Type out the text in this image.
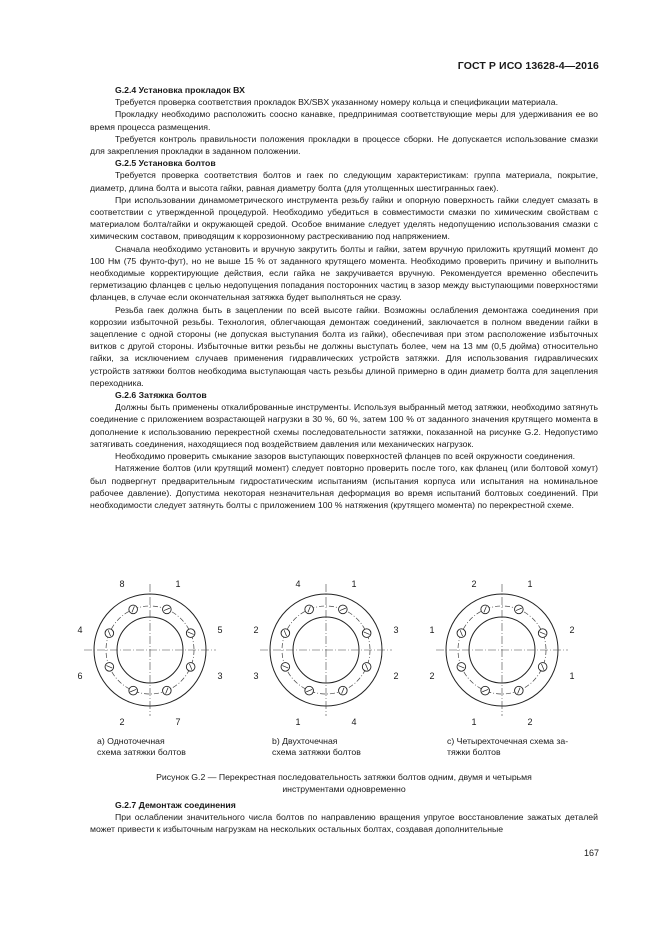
ГОСТ Р ИСО 13628-4—2016
G.2.4 Установка прокладок ВХ

Требуется проверка соответствия прокладок ВХ/SBX указанному номеру кольца и спецификации материала.

Прокладку необходимо расположить соосно канавке, предпринимая соответствующие меры для удерживания ее во время процесса размещения.

Требуется контроль правильности положения прокладки в процессе сборки. Не допускается использование смазки для закрепления прокладки в заданном положении.

G.2.5 Установка болтов

Требуется проверка соответствия болтов и гаек по следующим характеристикам: группа материала, покрытие, диаметр, длина болта и высота гайки, равная диаметру болта (для утолщенных шестигранных гаек).

При использовании динамометрического инструмента резьбу гайки и опорную поверхность гайки следует смазать в соответствии с утвержденной процедурой. Необходимо убедиться в совместимости смазки по химическим свойствам с материалом болта/гайки и окружающей средой. Особое внимание следует уделять недопущению использования смазки с химическим составом, приводящим к коррозионному растрескиванию под напряжением.

Сначала необходимо установить и вручную закрутить болты и гайки, затем вручную приложить крутящий момент до 100 Нм (75 фунто-фут), но не выше 15 % от заданного крутящего момента. Необходимо проверить причину и выполнить необходимые корректирующие действия, если гайка не закручивается вручную. Рекомендуется временно обеспечить герметизацию фланцев с целью недопущения попадания посторонних частиц в зазор между выступающими поверхностями фланцев, в случае если окончательная затяжка будет выполняться не сразу.

Резьба гаек должна быть в зацеплении по всей высоте гайки. Возможны ослабления демонтажа соединения при коррозии избыточной резьбы. Технология, облегчающая демонтаж соединений, заключается в полном введении гайки в зацепление с одной стороны (не допуская выступания болта из гайки), обеспечивая при этом расположение избыточных витков с другой стороны. Избыточные витки резьбы не должны выступать более, чем на 13 мм (0,5 дюйма) относительно гайки, за исключением случаев применения гидравлических устройств затяжки. Для использования гидравлических устройств затяжки болтов необходима выступающая часть резьбы длиной примерно в один диаметр болта для зацепления переходника.

G.2.6 Затяжка болтов

Должны быть применены откалиброванные инструменты. Используя выбранный метод затяжки, необходимо затянуть соединение с приложением возрастающей нагрузки в 30 %, 60 %, затем 100 % от заданного значения крутящего момента в дополнение к использованию перекрестной схемы последовательности затяжки, показанной на рисунке G.2. Недопустимо затягивать соединения, находящиеся под воздействием давления или механических нагрузок.

Необходимо проверить смыкание зазоров выступающих поверхностей фланцев по всей окружности соединения.

Натяжение болтов (или крутящий момент) следует повторно проверить после того, как фланец (или болтовой хомут) был подвергнут предварительным гидростатическим испытаниям (испытания корпуса или испытания на номинальное рабочее давление). Допустима некоторая незначительная деформация во время испытаний болтовых соединений. При необходимости следует затянуть болты с приложением 100 % натяжения (крутящего момента) по перекрестной схеме.

8	1
4	5
6	3
2	7
4	1
2	3
3	2
1	4
2	1
1	2
2	1
1	2
а) Одноточечная
схема затяжки болтов
b) Двухточечная
схема затяжки болтов
с) Четырехточечная схема за-
тяжки болтов
Рисунок G.2 — Перекрестная последовательность затяжки болтов одним, двумя и четырьмя
инструментами одновременно
G.2.7 Демонтаж соединения

При ослаблении значительного числа болтов по направлению вращения упругое восстановление зажатых деталей может привести к избыточным нагрузкам на нескольких остальных болтах, создавая дополнительные

167
